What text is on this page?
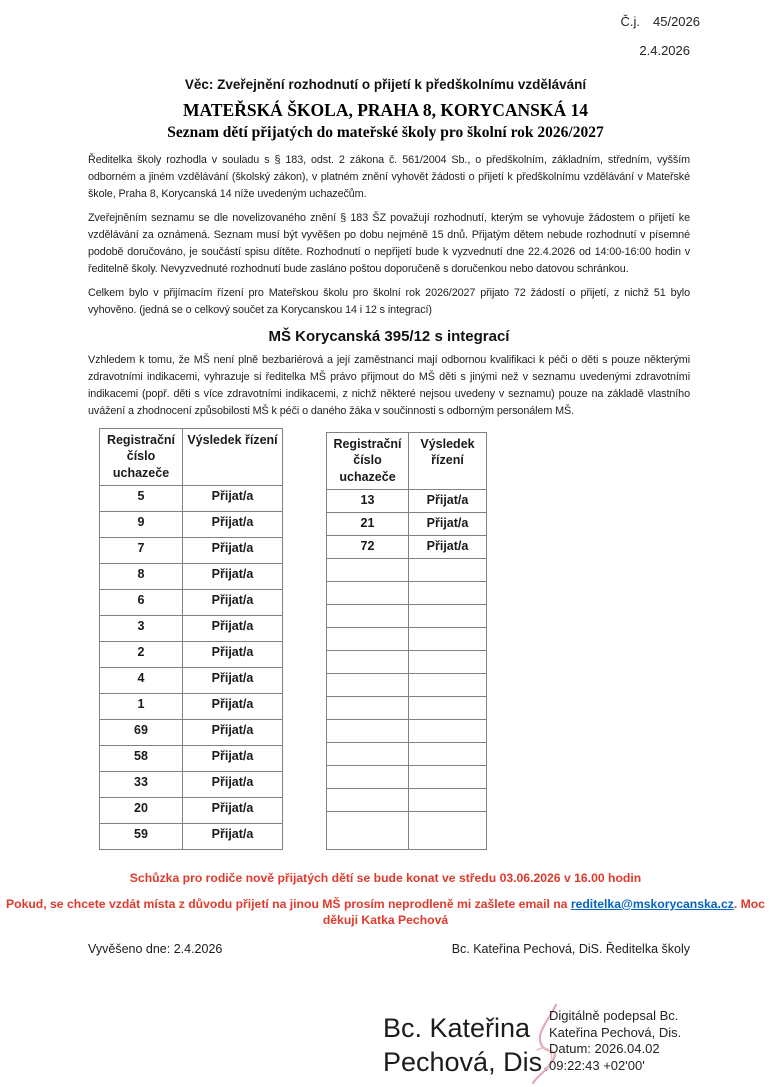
Č.j. 45/2026
2.4.2026
Věc: Zveřejnění rozhodnutí o přijetí k předškolnímu vzdělávání
MATEŘSKÁ ŠKOLA, PRAHA 8, KORYCANSKÁ 14
Seznam dětí přijatých do mateřské školy pro školní rok 2026/2027

Ředitelka školy rozhodla v souladu s § 183, odst. 2 zákona č. 561/2004 Sb., o předškolním, základním, středním, vyšším odborném a jiném vzdělávání (školský zákon), v platném znění vyhovět žádosti o přijetí k předškolnímu vzdělávání v Mateřské škole, Praha 8, Korycanská 14 níže uvedeným uchazečům.

Zveřejněním seznamu se dle novelizovaného znění § 183 ŠZ považují rozhodnutí, kterým se vyhovuje žádostem o přijetí ke vzdělávání za oznámená. Seznam musí být vyvěšen po dobu nejméně 15 dnů. Přijatým dětem nebude rozhodnutí v písemné podobě doručováno, je součástí spisu dítěte. Rozhodnutí o nepřijetí bude k vyzvednutí dne 22.4.2026 od 14:00-16:00 hodin v ředitelně školy. Nevyzvednuté rozhodnutí bude zasláno poštou doporučeně s doručenkou nebo datovou schránkou.

Celkem bylo v přijímacím řízení pro Mateřskou školu pro školní rok 2026/2027 přijato 72 žádostí o přijetí, z nichž 51 bylo vyhověno. (jedná se o celkový součet za Korycanskou 14 i 12 s integrací)

MŠ Korycanská 395/12 s integrací

Vzhledem k tomu, že MŠ není plně bezbariérová a její zaměstnanci mají odbornou kvalifikaci k péči o děti s pouze některými zdravotními indikacemi, vyhrazuje si ředitelka MŠ právo přijmout do MŠ děti s jinými než v seznamu uvedenými zdravotními indikacemi (popř. děti s více zdravotními indikacemi, z nichž některé nejsou uvedeny v seznamu) pouze na základě vlastního uvážení a zhodnocení způsobilosti MŠ k péči o daného žáka v součinnosti s odborným personálem MŠ.

Registrační číslo uchazeče	Výsledek řízení
5	Přijat/a
9	Přijat/a
7	Přijat/a
8	Přijat/a
6	Přijat/a
3	Přijat/a
2	Přijat/a
4	Přijat/a
1	Přijat/a
69	Přijat/a
58	Přijat/a
33	Přijat/a
20	Přijat/a
59	Přijat/a
Registrační číslo uchazeče	Výsledek řízení
13	Přijat/a
21	Přijat/a
72	Přijat/a

Schůzka pro rodiče nově přijatých dětí se bude konat ve středu 03.06.2026 v 16.00 hodin
Pokud, se chcete vzdát místa z důvodu přijetí na jinou MŠ prosím neprodleně mi zašlete email na reditelka@mskorycanska.cz. Moc děkuji Katka Pechová
Vyvěšeno dne: 2.4.2026	Bc. Kateřina Pechová, DiS. Ředitelka školy
Bc. Kateřina
Pechová, Dis.
Digitálně podepsal Bc.
Kateřina Pechová, Dis.
Datum: 2026.04.02
09:22:43 +02'00'
